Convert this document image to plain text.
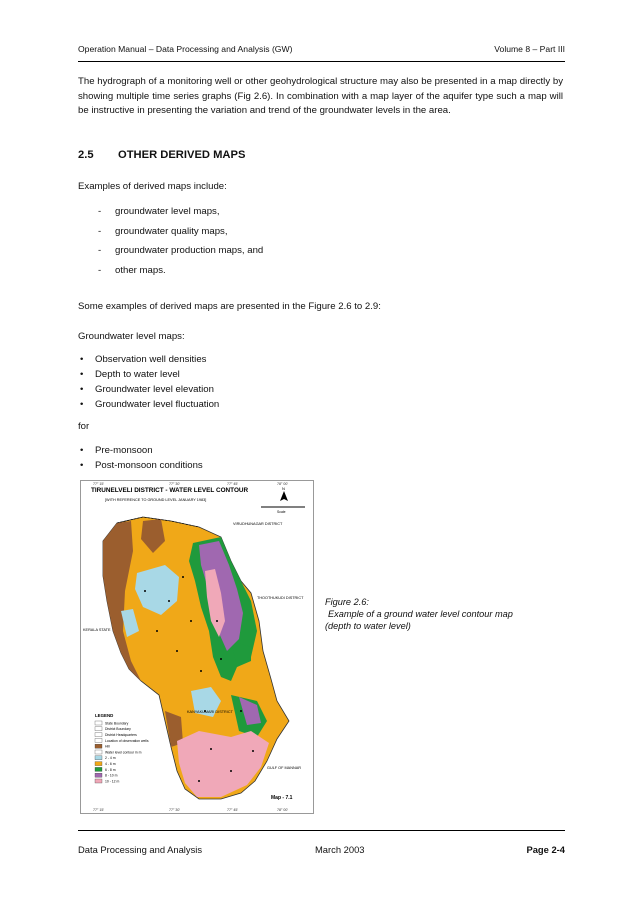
Operation Manual – Data Processing and Analysis (GW)	Volume 8 – Part III
The hydrograph of a monitoring well or other geohydrological structure may also be presented in a map directly by showing multiple time series graphs (Fig 2.6). In combination with a map layer of the aquifer type such a map will be instructive in presenting the variation and trend of the groundwater levels in the area.
2.5 OTHER DERIVED MAPS
Examples of derived maps include:
- groundwater level maps,
- groundwater quality maps,
- groundwater production maps, and
- other maps.
Some examples of derived maps are presented in the Figure 2.6 to 2.9:
Groundwater level maps:
• Observation well densities
• Depth to water level
• Groundwater level elevation
• Groundwater level fluctuation
for
• Pre-monsoon
• Post-monsoon conditions
TIRUNELVELI DISTRICT - WATER LEVEL CONTOUR
[WITH REFERENCE TO GROUND LEVEL JANUARY 1983]
77° 15'	77° 30'	77° 45'	78° 00'
77° 15'	77° 30'	77° 45'	78° 00'
N
Scale
VIRUDHUNAGAR DISTRICT
THOOTHUKUDI DISTRICT
KERALA STATE
KANYAKUMARI DISTRICT
GULF OF MANNAR
Map - 7.1
LEGEND
State Boundary
District Boundary
District Headquarters
Location of observation wells
Hill
Water level contour in m
2 - 4 m
4 - 6 m
6 - 8 m
8 - 10 m
10 - 12 m
Figure 2.6:
Example of a ground water level contour map
(depth to water level)
Data Processing and Analysis	March 2003	Page 2-4
